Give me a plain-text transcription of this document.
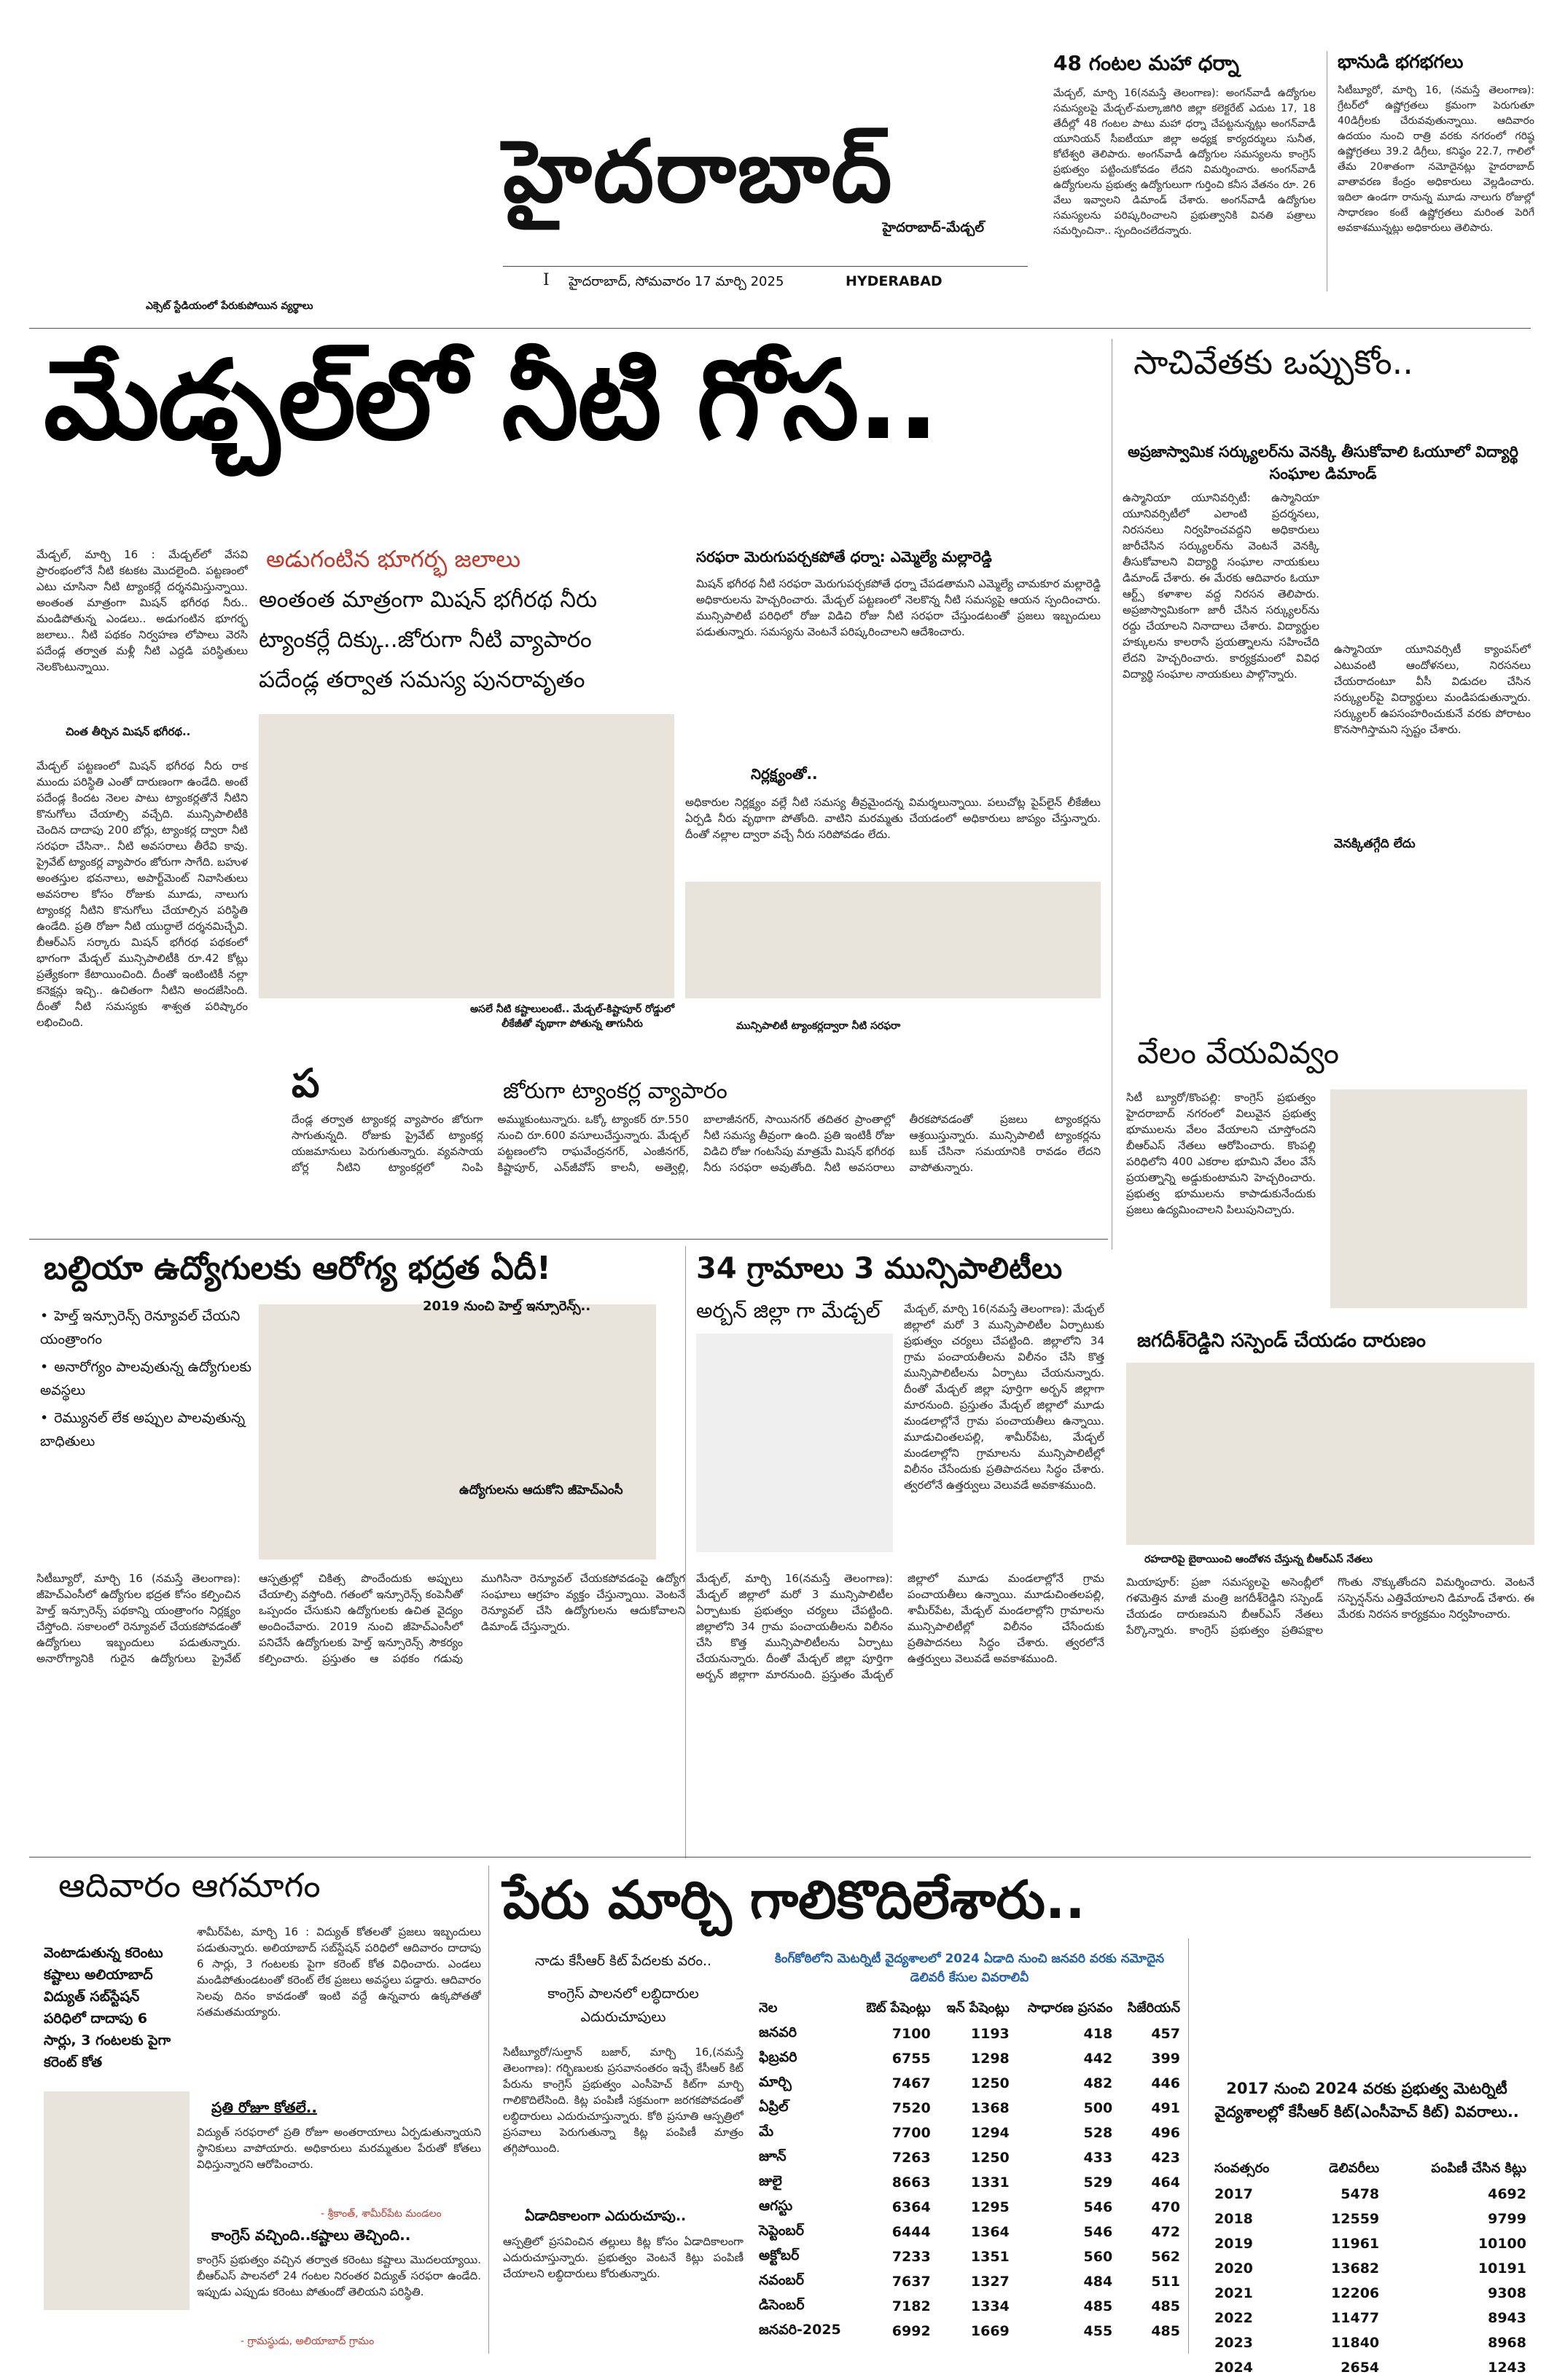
హైదరాబాద్
హైదరాబాద్-మేడ్చల్
I హైదరాబాద్, సోమవారం 17 మార్చి 2025	HYDERABAD
ఎక్సెట్ స్టేడియంలో పేరుకుపోయిన వ్యర్థాలు
48 గంటల మహా ధర్నా
మేడ్చల్, మార్చి 16(నమస్తే తెలంగాణ): అంగన్‌వాడీ ఉద్యోగుల సమస్యలపై మేడ్చల్-మల్కాజిగిరి జిల్లా కలెక్టరేట్ ఎదుట 17, 18 తేదీల్లో 48 గంటల పాటు మహా ధర్నా చేపట్టనున్నట్లు అంగన్‌వాడీ యూనియన్ సీఐటీయూ జిల్లా అధ్యక్ష కార్యదర్శులు సునీత, కోటేశ్వరి తెలిపారు. అంగన్‌వాడీ ఉద్యోగుల సమస్యలను కాంగ్రెస్ ప్రభుత్వం పట్టించుకోవడం లేదని విమర్శించారు. అంగన్‌వాడీ ఉద్యోగులను ప్రభుత్వ ఉద్యోగులుగా గుర్తించి కనీస వేతనం రూ. 26 వేలు ఇవ్వాలని డిమాండ్ చేశారు. అంగన్‌వాడీ ఉద్యోగుల సమస్యలను పరిష్కరించాలని ప్రభుత్వానికి వినతి పత్రాలు సమర్పించినా.. స్పందించలేదన్నారు.
భానుడి భగభగలు
సిటీబ్యూరో, మార్చి 16, (నమస్తే తెలంగాణ): గ్రేటర్‌లో ఉష్ణోగ్రతలు క్రమంగా పెరుగుతూ 40డిగ్రీలకు చేరువవుతున్నాయి. ఆదివారం ఉదయం నుంచి రాత్రి వరకు నగరంలో గరిష్ఠ ఉష్ణోగ్రతలు 39.2 డిగ్రీలు, కనిష్ఠం 22.7, గాలిలో తేమ 20శాతంగా నమోదైనట్లు హైదరాబాద్ వాతావరణ కేంద్రం అధికారులు వెల్లడించారు. ఇదిలా ఉండగా రానున్న మూడు నాలుగు రోజుల్లో సాధారణం కంటే ఉష్ణోగ్రతలు మరింత పెరిగే అవకాశమున్నట్లు అధికారులు తెలిపారు.
మేడ్చల్‌లో నీటి గోస..	సాచివేతకు ఒప్పుకోం..
అప్రజాస్వామిక సర్క్యులర్‌ను వెనక్కి తీసుకోవాలి ఓయూలో విద్యార్థి సంఘాల డిమాండ్
ఉస్మానియా యూనివర్సిటీ: ఉస్మానియా యూనివర్సిటీలో ఎలాంటి ప్రదర్శనలు, నిరసనలు నిర్వహించవద్దని అధికారులు జారీచేసిన సర్క్యులర్‌ను వెంటనే వెనక్కి తీసుకోవాలని విద్యార్థి సంఘాల నాయకులు డిమాండ్ చేశారు. ఈ మేరకు ఆదివారం ఓయూ ఆర్ట్స్ కళాశాల వద్ద నిరసన తెలిపారు. అప్రజాస్వామికంగా జారీ చేసిన సర్క్యులర్‌ను రద్దు చేయాలని నినాదాలు చేశారు. విద్యార్థుల హక్కులను కాలరాసే ప్రయత్నాలను సహించేది లేదని హెచ్చరించారు. కార్యక్రమంలో వివిధ విద్యార్థి సంఘాల నాయకులు పాల్గొన్నారు.
ఉస్మానియా యూనివర్సిటీ క్యాంపస్‌లో ఎటువంటి ఆందోళనలు, నిరసనలు చేయరాదంటూ వీసీ విడుదల చేసిన సర్క్యులర్‌పై విద్యార్థులు మండిపడుతున్నారు. సర్క్యులర్ ఉపసంహరించుకునే వరకు పోరాటం కొనసాగిస్తామని స్పష్టం చేశారు.
వెనక్కితగ్గేది లేదు
మేడ్చల్, మార్చి 16 : మేడ్చల్‌లో వేసవి ప్రారంభంలోనే నీటి కటకట మొదలైంది. పట్టణంలో ఎటు చూసినా నీటి ట్యాంకర్లే దర్శనమిస్తున్నాయి. అంతంత మాత్రంగా మిషన్ భగీరథ నీరు.. మండిపోతున్న ఎండలు.. అడుగంటిన భూగర్భ జలాలు.. నీటి పథకం నిర్వహణ లోపాలు వెరసి పదేండ్ల తర్వాత మళ్లీ నీటి ఎద్దడి పరిస్థితులు నెలకొంటున్నాయి.
చింత తీర్చిన మిషన్ భగీరథ..
మేడ్చల్ పట్టణంలో మిషన్ భగీరథ నీరు రాక ముందు పరిస్థితి ఎంతో దారుణంగా ఉండేది. అంటే పదేండ్ల కిందట నెలల పాటు ట్యాంకర్లతోనే నీటిని కొనుగోలు చేయాల్సి వచ్చేది. మున్సిపాలిటీకి చెందిన దాదాపు 200 బోర్లు, ట్యాంకర్ల ద్వారా నీటి సరఫరా చేసినా.. నీటి అవసరాలు తీరేవి కావు. ప్రైవేట్ ట్యాంకర్ల వ్యాపారం జోరుగా సాగేది. బహుళ అంతస్తుల భవనాలు, అపార్ట్‌మెంట్ నివాసితులు అవసరాల కోసం రోజుకు మూడు, నాలుగు ట్యాంకర్ల నీటిని కొనుగోలు చేయాల్సిన పరిస్థితి ఉండేది. ప్రతి రోజూ నీటి యుద్ధాలే దర్శనమిచ్చేవి. బీఆర్‌ఎస్ సర్కారు మిషన్ భగీరథ పథకంలో భాగంగా మేడ్చల్ మున్సిపాలిటీకి రూ.42 కోట్లు ప్రత్యేకంగా కేటాయించింది. దీంతో ఇంటింటికీ నల్లా కనెక్షన్లు ఇచ్చి.. ఉచితంగా నీటిని అందజేసింది. దీంతో నీటి సమస్యకు శాశ్వత పరిష్కారం లభించింది.
అడుగంటిన భూగర్భ జలాలు
అంతంత మాత్రంగా మిషన్ భగీరథ నీరు
ట్యాంకర్లే దిక్కు..జోరుగా నీటి వ్యాపారం
పదేండ్ల తర్వాత సమస్య పునరావృతం
సరఫరా మెరుగుపర్చకపోతే ధర్నా: ఎమ్మెల్యే మల్లారెడ్డి
మిషన్ భగీరథ నీటి సరఫరా మెరుగుపర్చకపోతే ధర్నా చేపడతామని ఎమ్మెల్యే చామకూర మల్లారెడ్డి అధికారులను హెచ్చరించారు. మేడ్చల్ పట్టణంలో నెలకొన్న నీటి సమస్యపై ఆయన స్పందించారు. మున్సిపాలిటీ పరిధిలో రోజు విడిచి రోజు నీటి సరఫరా చేస్తుండటంతో ప్రజలు ఇబ్బందులు పడుతున్నారు. సమస్యను వెంటనే పరిష్కరించాలని ఆదేశించారు.
నిర్లక్ష్యంతో..
అధికారుల నిర్లక్ష్యం వల్లే నీటి సమస్య తీవ్రమైందన్న విమర్శలున్నాయి. పలుచోట్ల పైప్‌లైన్ లీకేజీలు ఏర్పడి నీరు వృథాగా పోతోంది. వాటిని మరమ్మతు చేయడంలో అధికారులు జాప్యం చేస్తున్నారు. దీంతో నల్లాల ద్వారా వచ్చే నీరు సరిపోవడం లేదు.
అసలే నీటి కష్టాలులంటే.. మేడ్చల్-కిష్టాపూర్ రోడ్డులో లీకేజీతో వృథాగా పోతున్న తాగునీరు	మున్సిపాలిటీ ట్యాంకర్లద్వారా నీటి సరఫరా
ప	జోరుగా ట్యాంకర్ల వ్యాపారం
దేండ్ల తర్వాత ట్యాంకర్ల వ్యాపారం జోరుగా సాగుతున్నది. రోజుకు ప్రైవేట్ ట్యాంకర్ల యజమానులు పెరుగుతున్నారు. వ్యవసాయ బోర్ల నీటిని ట్యాంకర్లలో నింపి అమ్ముకుంటున్నారు. ఒక్కో ట్యాంకర్ రూ.550 నుంచి రూ.600 వసూలుచేస్తున్నారు. మేడ్చల్ పట్టణంలోని రాఘవేంద్రనగర్, ఎంజీనగర్, కిష్టాపూర్, ఎన్‌జీవోస్ కాలనీ, అత్వెల్లి, బాలాజీనగర్, సాయినగర్ తదితర ప్రాంతాల్లో నీటి సమస్య తీవ్రంగా ఉంది. ప్రతి ఇంటికీ రోజు విడిచి రోజు గంటసేపు మాత్రమే మిషన్ భగీరథ నీరు సరఫరా అవుతోంది. నీటి అవసరాలు తీరకపోవడంతో ప్రజలు ట్యాంకర్లను ఆశ్రయిస్తున్నారు. మున్సిపాలిటీ ట్యాంకర్లను బుక్ చేసినా సమయానికి రావడం లేదని వాపోతున్నారు.
వేలం వేయవివ్వం
సిటీ బ్యూరో/కొంపల్లి: కాంగ్రెస్ ప్రభుత్వం హైదరాబాద్ నగరంలో విలువైన ప్రభుత్వ భూములను వేలం వేయాలని చూస్తోందని బీఆర్‌ఎస్ నేతలు ఆరోపించారు. కొంపల్లి పరిధిలోని 400 ఎకరాల భూమిని వేలం వేసే ప్రయత్నాన్ని అడ్డుకుంటామని హెచ్చరించారు. ప్రభుత్వ భూములను కాపాడుకునేందుకు ప్రజలు ఉద్యమించాలని పిలుపునిచ్చారు.
బల్దియా ఉద్యోగులకు ఆరోగ్య భద్రత ఏదీ!
• హెల్త్ ఇన్సూరెన్స్ రెన్యూవల్ చేయని యంత్రాంగం
• అనారోగ్యం పాలవుతున్న ఉద్యోగులకు అవస్థలు
• రెమ్యునల్ లేక అప్పుల పాలవుతున్న బాధితులు
2019 నుంచి హెల్త్ ఇన్సూరెన్స్..
సిటీబ్యూరో, మార్చి 16 (నమస్తే తెలంగాణ): జీహెచ్‌ఎంసీలో ఉద్యోగుల భద్రత కోసం కల్పించిన హెల్త్ ఇన్సూరెన్స్ పథకాన్ని యంత్రాంగం నిర్లక్ష్యం చేస్తోంది. సకాలంలో రెన్యూవల్ చేయకపోవడంతో ఉద్యోగులు ఇబ్బందులు పడుతున్నారు. అనారోగ్యానికి గురైన ఉద్యోగులు ప్రైవేట్ ఆస్పత్రుల్లో చికిత్స పొందేందుకు అప్పులు చేయాల్సి వస్తోంది. గతంలో ఇన్సూరెన్స్ కంపెనీతో ఒప్పందం చేసుకుని ఉద్యోగులకు ఉచిత వైద్యం అందించేవారు. 2019 నుంచి జీహెచ్‌ఎంసీలో పనిచేసే ఉద్యోగులకు హెల్త్ ఇన్సూరెన్స్ సౌకర్యం కల్పించారు. ప్రస్తుతం ఆ పథకం గడువు ముగిసినా రెన్యూవల్ చేయకపోవడంపై ఉద్యోగ సంఘాలు ఆగ్రహం వ్యక్తం చేస్తున్నాయి. వెంటనే రెన్యూవల్ చేసి ఉద్యోగులను ఆదుకోవాలని డిమాండ్ చేస్తున్నారు.
ఉద్యోగులను ఆదుకోని జీహెచ్‌ఎంసీ
34 గ్రామాలు 3 మున్సిపాలిటీలు
అర్బన్ జిల్లా గా మేడ్చల్ మేడ్చల్, మార్చి 16(నమస్తే తెలంగాణ): మేడ్చల్ జిల్లాలో మరో 3 మున్సిపాలిటీల ఏర్పాటుకు ప్రభుత్వం చర్యలు చేపట్టింది. జిల్లాలోని 34 గ్రామ పంచాయతీలను విలీనం చేసి కొత్త మున్సిపాలిటీలను ఏర్పాటు చేయనున్నారు. దీంతో మేడ్చల్ జిల్లా పూర్తిగా అర్బన్ జిల్లాగా మారనుంది. ప్రస్తుతం మేడ్చల్ జిల్లాలో మూడు మండలాల్లోనే గ్రామ పంచాయతీలు ఉన్నాయి. మూడుచింతలపల్లి, శామీర్‌పేట, మేడ్చల్ మండలాల్లోని గ్రామాలను మున్సిపాలిటీల్లో విలీనం చేసేందుకు ప్రతిపాదనలు సిద్ధం చేశారు. త్వరలోనే ఉత్తర్వులు వెలువడే అవకాశముంది.
మేడ్చల్, మార్చి 16(నమస్తే తెలంగాణ): మేడ్చల్ జిల్లాలో మరో 3 మున్సిపాలిటీల ఏర్పాటుకు ప్రభుత్వం చర్యలు చేపట్టింది. జిల్లాలోని 34 గ్రామ పంచాయతీలను విలీనం చేసి కొత్త మున్సిపాలిటీలను ఏర్పాటు చేయనున్నారు. దీంతో మేడ్చల్ జిల్లా పూర్తిగా అర్బన్ జిల్లాగా మారనుంది. ప్రస్తుతం మేడ్చల్ జిల్లాలో మూడు మండలాల్లోనే గ్రామ పంచాయతీలు ఉన్నాయి. మూడుచింతలపల్లి, శామీర్‌పేట, మేడ్చల్ మండలాల్లోని గ్రామాలను మున్సిపాలిటీల్లో విలీనం చేసేందుకు ప్రతిపాదనలు సిద్ధం చేశారు. త్వరలోనే ఉత్తర్వులు వెలువడే అవకాశముంది.
జగదీశ్‌రెడ్డిని సస్పెండ్ చేయడం దారుణం
రహదారిపై బైఠాయించి ఆందోళన చేస్తున్న బీఆర్‌ఎస్ నేతలు
మియాపూర్: ప్రజా సమస్యలపై అసెంబ్లీలో గళమెత్తిన మాజీ మంత్రి జగదీశ్‌రెడ్డిని సస్పెండ్ చేయడం దారుణమని బీఆర్‌ఎస్ నేతలు పేర్కొన్నారు. కాంగ్రెస్ ప్రభుత్వం ప్రతిపక్షాల గొంతు నొక్కుతోందని విమర్శించారు. వెంటనే సస్పెన్షన్‌ను ఎత్తివేయాలని డిమాండ్ చేశారు. ఈ మేరకు నిరసన కార్యక్రమం నిర్వహించారు.
ఆదివారం ఆగమాగం
వెంటాడుతున్న కరెంటు కష్టాలు అలియాబాద్ విద్యుత్ సబ్‌స్టేషన్ పరిధిలో దాదాపు 6 సార్లు, 3 గంటలకు పైగా కరెంట్ కోత
శామీర్‌పేట, మార్చి 16 : విద్యుత్ కోతలతో ప్రజలు ఇబ్బందులు పడుతున్నారు. అలియాబాద్ సబ్‌స్టేషన్ పరిధిలో ఆదివారం దాదాపు 6 సార్లు, 3 గంటలకు పైగా కరెంట్ కోత విధించారు. ఎండలు మండిపోతుండటంతో కరెంట్ లేక ప్రజలు అవస్థలు పడ్డారు. ఆదివారం సెలవు దినం కావడంతో ఇంటి వద్దే ఉన్నవారు ఉక్కపోతతో సతమతమయ్యారు.
ప్రతి రోజూ కోతలే..
విద్యుత్ సరఫరాలో ప్రతి రోజూ అంతరాయాలు ఏర్పడుతున్నాయని స్థానికులు వాపోయారు. అధికారులు మరమ్మతుల పేరుతో కోతలు విధిస్తున్నారని ఆరోపించారు.
- శ్రీకాంత్, శామీర్‌పేట మండలం
కాంగ్రెస్ వచ్చింది..కష్టాలు తెచ్చింది..
కాంగ్రెస్ ప్రభుత్వం వచ్చిన తర్వాత కరెంటు కష్టాలు మొదలయ్యాయి. బీఆర్‌ఎస్ పాలనలో 24 గంటల నిరంతర విద్యుత్ సరఫరా ఉండేది. ఇప్పుడు ఎప్పుడు కరెంటు పోతుందో తెలియని పరిస్థితి.
- గ్రామస్థుడు, అలియాబాద్ గ్రామం
పేరు మార్చి గాలికొదిలేశారు..
నాడు కేసీఆర్ కిట్ పేదలకు వరం..
కాంగ్రెస్ పాలనలో లబ్ధిదారుల ఎదురుచూపులు
సిటీబ్యూరో/సుల్తాన్ బజార్, మార్చి 16,(నమస్తే తెలంగాణ): గర్భిణులకు ప్రసవానంతరం ఇచ్చే కేసీఆర్ కిట్ పేరును కాంగ్రెస్ ప్రభుత్వం ఎంసీహెచ్ కిట్‌గా మార్చి గాలికొదిలేసింది. కిట్ల పంపిణీ సక్రమంగా జరగకపోవడంతో లబ్ధిదారులు ఎదురుచూస్తున్నారు. కోఠి ప్రసూతి ఆస్పత్రిలో ప్రసవాలు పెరుగుతున్నా కిట్ల పంపిణీ మాత్రం తగ్గిపోయింది.
ఏడాదికాలంగా ఎదురుచూపు..
ఆస్పత్రిలో ప్రసవించిన తల్లులు కిట్ల కోసం ఏడాదికాలంగా ఎదురుచూస్తున్నారు. ప్రభుత్వం వెంటనే కిట్లు పంపిణీ చేయాలని లబ్ధిదారులు కోరుతున్నారు.
కింగ్‌కోఠిలోని మెటర్నిటీ వైద్యశాలలో 2024 ఏడాది నుంచి జనవరి వరకు నమోదైన డెలివరీ కేసుల వివరాలివీ
నెల	ఔట్ పేషెంట్లు	ఇన్ పేషెంట్లు	సాధారణ ప్రసవం	సిజేరియన్
జనవరి	7100	1193	418	457
ఫిబ్రవరి	6755	1298	442	399
మార్చి	7467	1250	482	446
ఏప్రిల్	7520	1368	500	491
మే	7700	1294	528	496
జూన్	7263	1250	433	423
జులై	8663	1331	529	464
ఆగస్టు	6364	1295	546	470
సెప్టెంబర్	6444	1364	546	472
అక్టోబర్	7233	1351	560	562
నవంబర్	7637	1327	484	511
డిసెంబర్	7182	1334	485	485
జనవరి-2025	6992	1669	455	485
2017 నుంచి 2024 వరకు ప్రభుత్వ మెటర్నిటీ వైద్యశాలల్లో కేసీఆర్ కిట్(ఎంసీహెచ్ కిట్) వివరాలు..
సంవత్సరం	డెలివరీలు	పంపిణీ చేసిన కిట్లు
2017	5478	4692
2018	12559	9799
2019	11961	10100
2020	13682	10191
2021	12206	9308
2022	11477	8943
2023	11840	8968
2024	2654	1243
